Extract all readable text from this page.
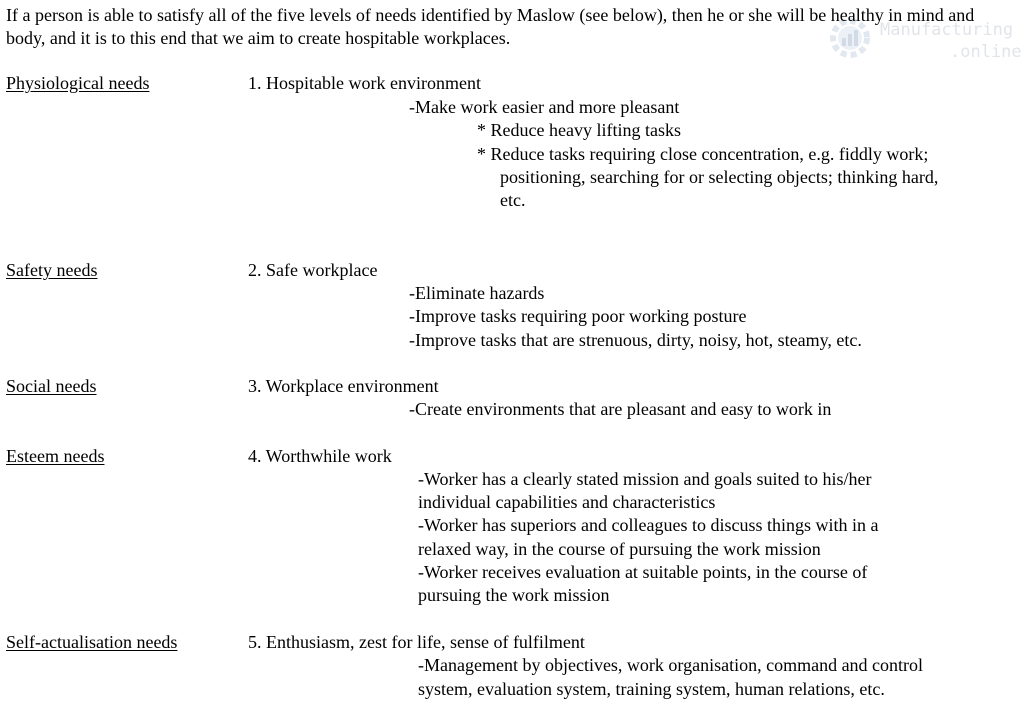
Manufacturing
.online
If a person is able to satisfy all of the five levels of needs identified by Maslow (see below), then he or she will be healthy in mind and body, and it is to this end that we aim to create hospitable workplaces.
Physiological needs	1. Hospitable work environment
-Make work easier and more pleasant
* Reduce heavy lifting tasks
* Reduce tasks requiring close concentration, e.g. fiddly work;
positioning, searching for or selecting objects; thinking hard,
etc.
Safety needs	2. Safe workplace
-Eliminate hazards
-Improve tasks requiring poor working posture
-Improve tasks that are strenuous, dirty, noisy, hot, steamy, etc.
Social needs	3. Workplace environment
-Create environments that are pleasant and easy to work in
Esteem needs	4. Worthwhile work
-Worker has a clearly stated mission and goals suited to his/her
individual capabilities and characteristics
-Worker has superiors and colleagues to discuss things with in a
relaxed way, in the course of pursuing the work mission
-Worker receives evaluation at suitable points, in the course of
pursuing the work mission
Self-actualisation needs	5. Enthusiasm, zest for life, sense of fulfilment
-Management by objectives, work organisation, command and control
system, evaluation system, training system, human relations, etc.
